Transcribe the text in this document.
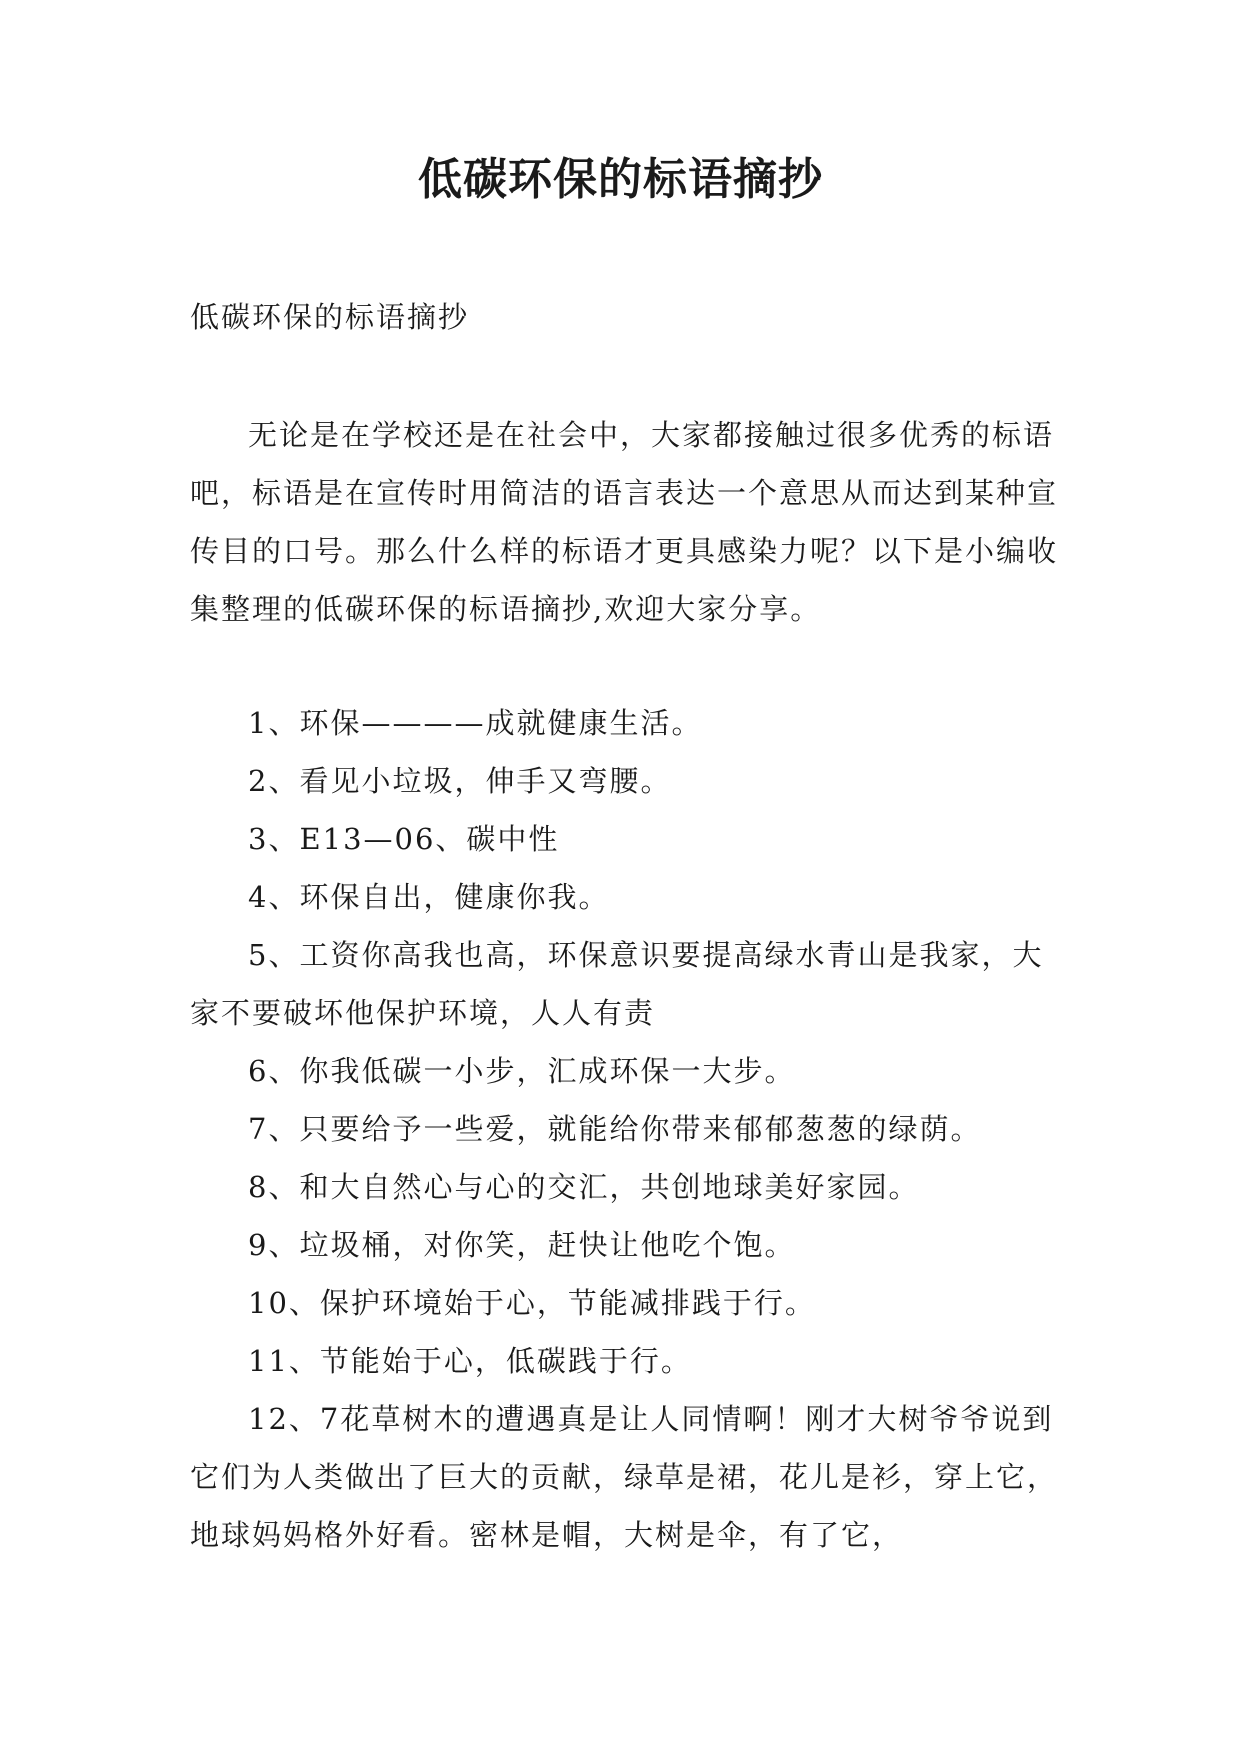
低碳环保的标语摘抄
低碳环保的标语摘抄

无论是在学校还是在社会中，大家都接触过很多优秀的标语吧，标语是在宣传时用简洁的语言表达一个意思从而达到某种宣传目的口号。那么什么样的标语才更具感染力呢？以下是小编收集整理的低碳环保的标语摘抄,欢迎大家分享。

1、环保————成就健康生活。

2、看见小垃圾，伸手又弯腰。

3、E13—06、碳中性

4、环保自出，健康你我。

5、工资你高我也高，环保意识要提高绿水青山是我家，大家不要破坏他保护环境，人人有责

6、你我低碳一小步，汇成环保一大步。

7、只要给予一些爱，就能给你带来郁郁葱葱的绿荫。

8、和大自然心与心的交汇，共创地球美好家园。

9、垃圾桶，对你笑，赶快让他吃个饱。

10、保护环境始于心，节能减排践于行。

11、节能始于心，低碳践于行。

12、7花草树木的遭遇真是让人同情啊！刚才大树爷爷说到它们为人类做出了巨大的贡献，绿草是裙，花儿是衫，穿上它，地球妈妈格外好看。密林是帽，大树是伞，有了它，
